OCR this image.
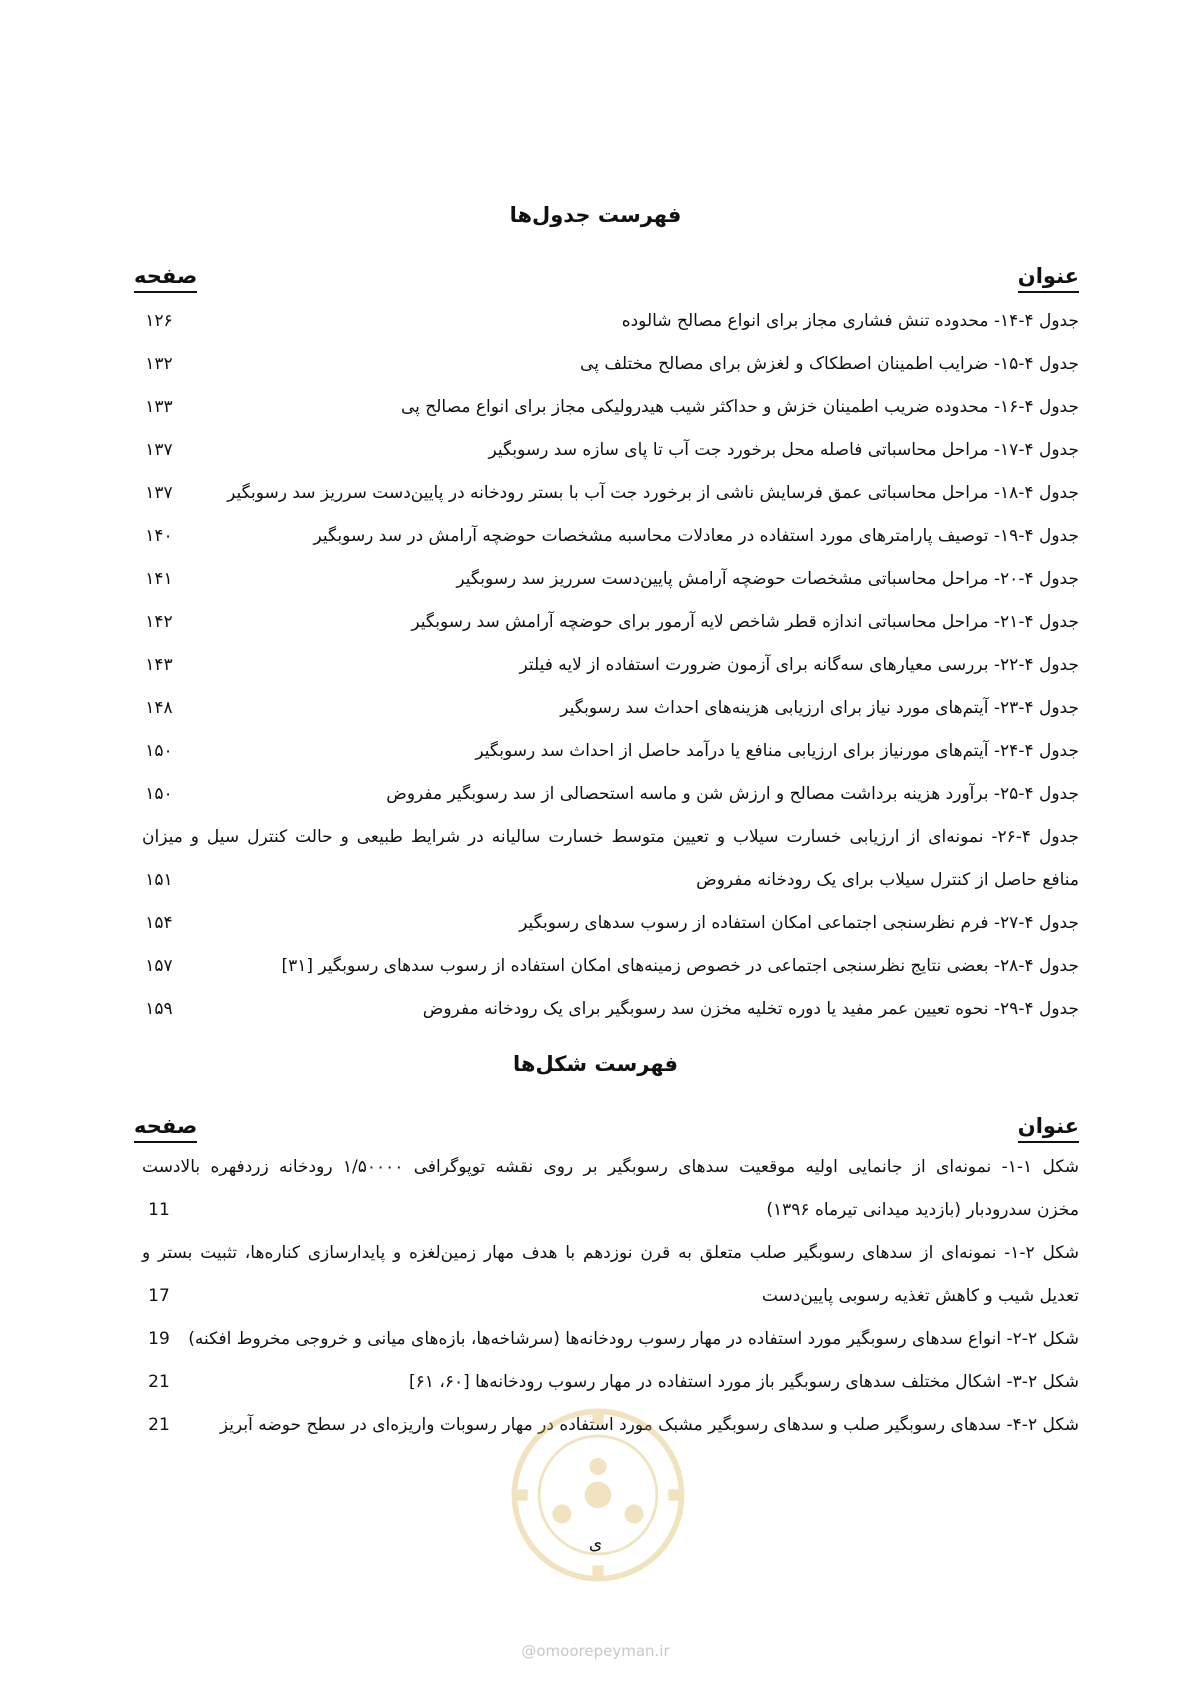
فهرست جدول‌ها
عنوان
صفحه
جدول ۴-۱۴- محدوده تنش فشاری مجاز برای انواع مصالح شالوده
۱۲۶
جدول ۴-۱۵- ضرایب اطمینان اصطکاک و لغزش برای مصالح مختلف پی
۱۳۲
جدول ۴-۱۶- محدوده ضریب اطمینان خزش و حداکثر شیب هیدرولیکی مجاز برای انواع مصالح پی
۱۳۳
جدول ۴-۱۷- مراحل محاسباتی فاصله محل برخورد جت آب تا پای سازه سد رسوبگیر
۱۳۷
جدول ۴-۱۸- مراحل محاسباتی عمق فرسایش ناشی از برخورد جت آب با بستر رودخانه در پایین‌دست سرریز سد رسوبگیر
۱۳۷
جدول ۴-۱۹- توصیف پارامترهای مورد استفاده در معادلات محاسبه مشخصات حوضچه آرامش در سد رسوبگیر
۱۴۰
جدول ۴-۲۰- مراحل محاسباتی مشخصات حوضچه آرامش پایین‌دست سرریز سد رسوبگیر
۱۴۱
جدول ۴-۲۱- مراحل محاسباتی اندازه قطر شاخص لایه آرمور برای حوضچه آرامش سد رسوبگیر
۱۴۲
جدول ۴-۲۲- بررسی معیارهای سه‌گانه برای آزمون ضرورت استفاده از لایه فیلتر
۱۴۳
جدول ۴-۲۳- آیتم‌های مورد نیاز برای ارزیابی هزینه‌های احداث سد رسوبگیر
۱۴۸
جدول ۴-۲۴- آیتم‌های مورنیاز برای ارزیابی منافع یا درآمد حاصل از احداث سد رسوبگیر
۱۵۰
جدول ۴-۲۵- برآورد هزینه برداشت مصالح و ارزش شن و ماسه استحصالی از سد رسوبگیر مفروض
۱۵۰
جدول ۴-۲۶- نمونه‌ای از ارزیابی خسارت سیلاب و تعیین متوسط خسارت سالیانه در شرایط طبیعی و حالت کنترل سیل و میزان
منافع حاصل از کنترل سیلاب برای یک رودخانه مفروض
۱۵۱
جدول ۴-۲۷- فرم نظرسنجی اجتماعی امکان استفاده از رسوب سدهای رسوبگیر
۱۵۴
جدول ۴-۲۸- بعضی نتایج نظرسنجی اجتماعی در خصوص زمینه‌های امکان استفاده از رسوب سدهای رسوبگیر [۳۱]
۱۵۷
جدول ۴-۲۹- نحوه تعیین عمر مفید یا دوره تخلیه مخزن سد رسوبگیر برای یک رودخانه مفروض
۱۵۹
فهرست شکل‌ها
عنوان
صفحه
شکل ۱-۱- نمونه‌ای از جانمایی اولیه موقعیت سدهای رسوبگیر بر روی نقشه توپوگرافی ۱/۵۰۰۰۰ رودخانه زردفهره بالادست
مخزن سدرودبار (بازدید میدانی تیرماه ۱۳۹۶)
11
شکل ۲-۱- نمونه‌ای از سدهای رسوبگیر صلب متعلق به قرن نوزدهم با هدف مهار زمین‌لغزه و پایدارسازی کناره‌ها، تثبیت بستر و
تعدیل شیب و کاهش تغذیه رسوبی پایین‌دست
17
شکل ۲-۲- انواع سدهای رسوبگیر مورد استفاده در مهار رسوب رودخانه‌ها (سرشاخه‌ها، بازه‌های میانی و خروجی مخروط افکنه)
19
شکل ۲-۳- اشکال مختلف سدهای رسوبگیر باز مورد استفاده در مهار رسوب رودخانه‌ها [۶۰، ۶۱]
21
شکل ۲-۴- سدهای رسوبگیر صلب و سدهای رسوبگیر مشبک مورد استفاده در مهار رسوبات واریزه‌ای در سطح حوضه آبریز
21
ی
@omoorepeyman.ir
